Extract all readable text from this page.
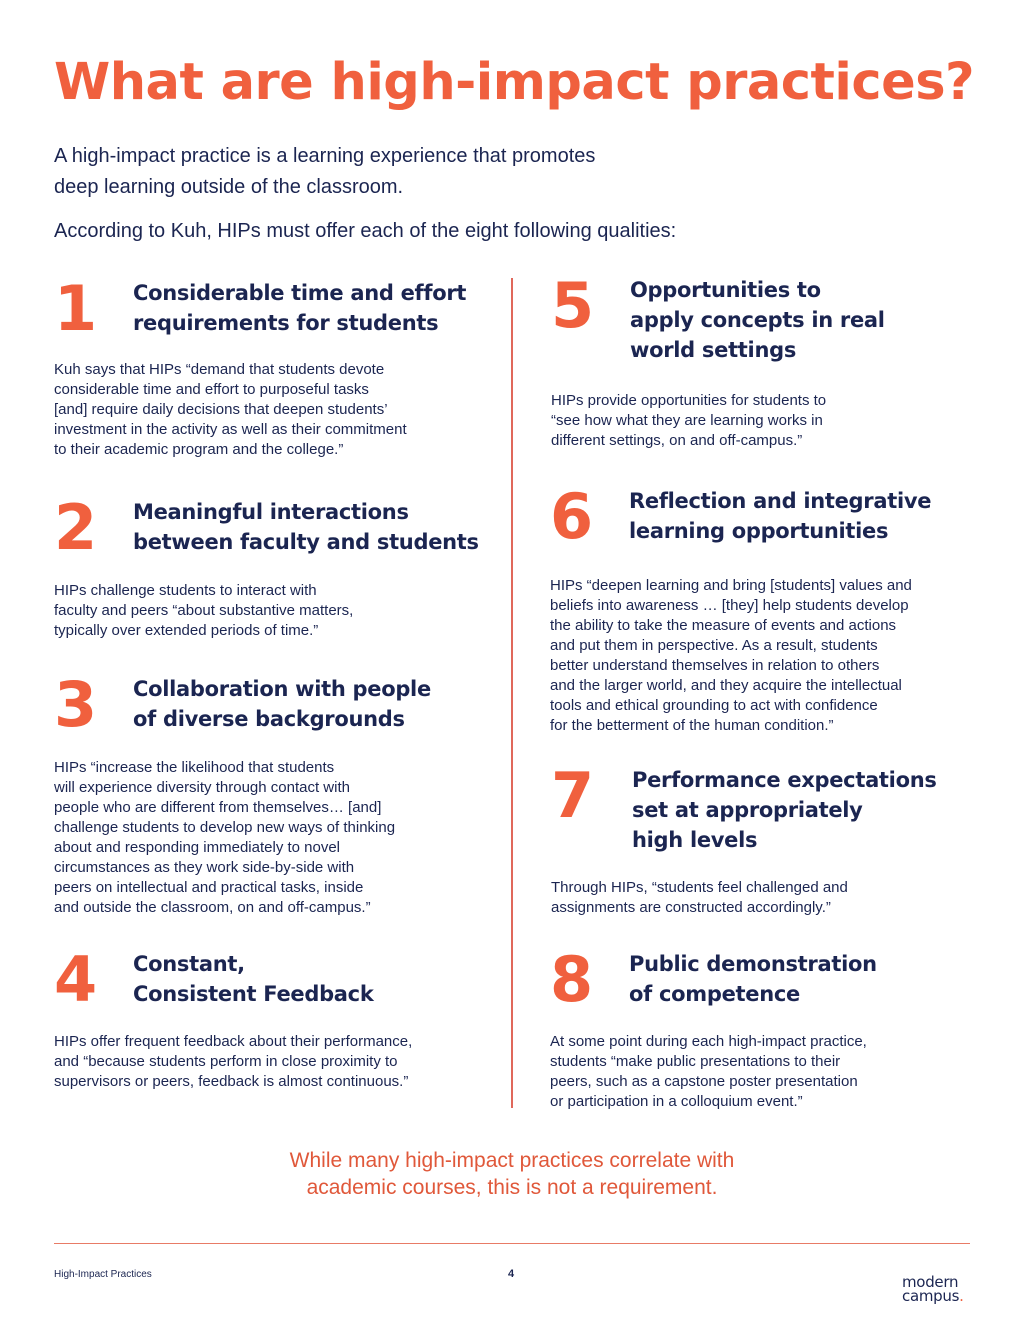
What are high-impact practices?

A high-impact practice is a learning experience that promotes
deep learning outside of the classroom.

According to Kuh, HIPs must offer each of the eight following qualities:

1 Considerable time and effort
requirements for students
Kuh says that HIPs “demand that students devote
considerable time and effort to purposeful tasks
[and] require daily decisions that deepen students’
investment in the activity as well as their commitment
to their academic program and the college.”
2 Meaningful interactions
between faculty and students
HIPs challenge students to interact with
faculty and peers “about substantive matters,
typically over extended periods of time.”
3 Collaboration with people
of diverse backgrounds
HIPs “increase the likelihood that students
will experience diversity through contact with
people who are different from themselves… [and]
challenge students to develop new ways of thinking
about and responding immediately to novel
circumstances as they work side-by-side with
peers on intellectual and practical tasks, inside
and outside the classroom, on and off-campus.”
4 Constant,
Consistent Feedback
HIPs offer frequent feedback about their performance,
and “because students perform in close proximity to
supervisors or peers, feedback is almost continuous.”
5 Opportunities to
apply concepts in real
world settings
HIPs provide opportunities for students to
“see how what they are learning works in
different settings, on and off-campus.”
6 Reflection and integrative
learning opportunities
HIPs “deepen learning and bring [students] values and
beliefs into awareness … [they] help students develop
the ability to take the measure of events and actions
and put them in perspective. As a result, students
better understand themselves in relation to others
and the larger world, and they acquire the intellectual
tools and ethical grounding to act with confidence
for the betterment of the human condition.”
7 Performance expectations
set at appropriately
high levels
Through HIPs, “students feel challenged and
assignments are constructed accordingly.”
8 Public demonstration
of competence
At some point during each high-impact practice,
students “make public presentations to their
peers, such as a capstone poster presentation
or participation in a colloquium event.”

While many high-impact practices correlate with
academic courses, this is not a requirement.

High-Impact Practices	4	modern
campus.
